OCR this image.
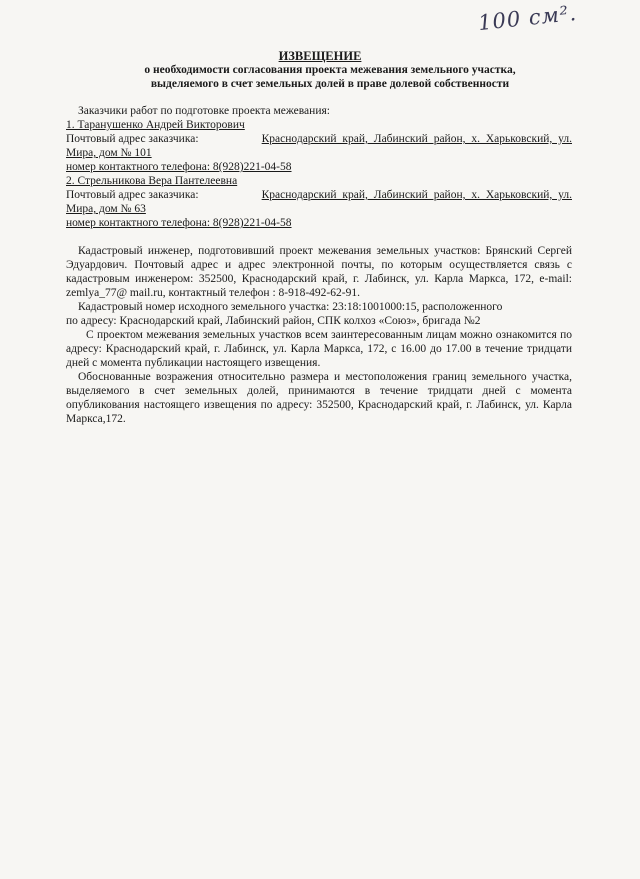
100 см².
ИЗВЕЩЕНИЕ
о необходимости согласования проекта межевания земельного участка,
выделяемого в счет земельных долей в праве долевой собственности
Заказчики работ по подготовке проекта межевания:
1. Таранушенко Андрей Викторович
Почтовый адрес заказчика:	Краснодарский край, Лабинский район, х. Харьковский, ул.
Мира, дом № 101
номер контактного телефона: 8(928)221-04-58
2. Стрельникова Вера Пантелеевна
Почтовый адрес заказчика:	Краснодарский край, Лабинский район, х. Харьковский, ул.
Мира, дом № 63
номер контактного телефона: 8(928)221-04-58
Кадастровый инженер, подготовивший проект межевания земельных участков: Брянский Сергей Эдуардович. Почтовый адрес и адрес электронной почты, по которым осуществляется связь с кадастровым инженером: 352500, Краснодарский край, г. Лабинск, ул. Карла Маркса, 172, e-mail: zemlya_77@ mail.ru, контактный телефон : 8-918-492-62-91.
Кадастровый номер исходного земельного участка: 23:18:1001000:15, расположенного
по адресу: Краснодарский край, Лабинский район, СПК колхоз «Союз», бригада №2
С проектом межевания земельных участков всем заинтересованным лицам можно ознакомится по адресу: Краснодарский край, г. Лабинск, ул. Карла Маркса, 172, с 16.00 до 17.00 в течение тридцати дней с момента публикации настоящего извещения.
Обоснованные возражения относительно размера и местоположения границ земельного участка, выделяемого в счет земельных долей, принимаются в течение тридцати дней с момента опубликования настоящего извещения по адресу: 352500, Краснодарский край, г. Лабинск, ул. Карла Маркса,172.
